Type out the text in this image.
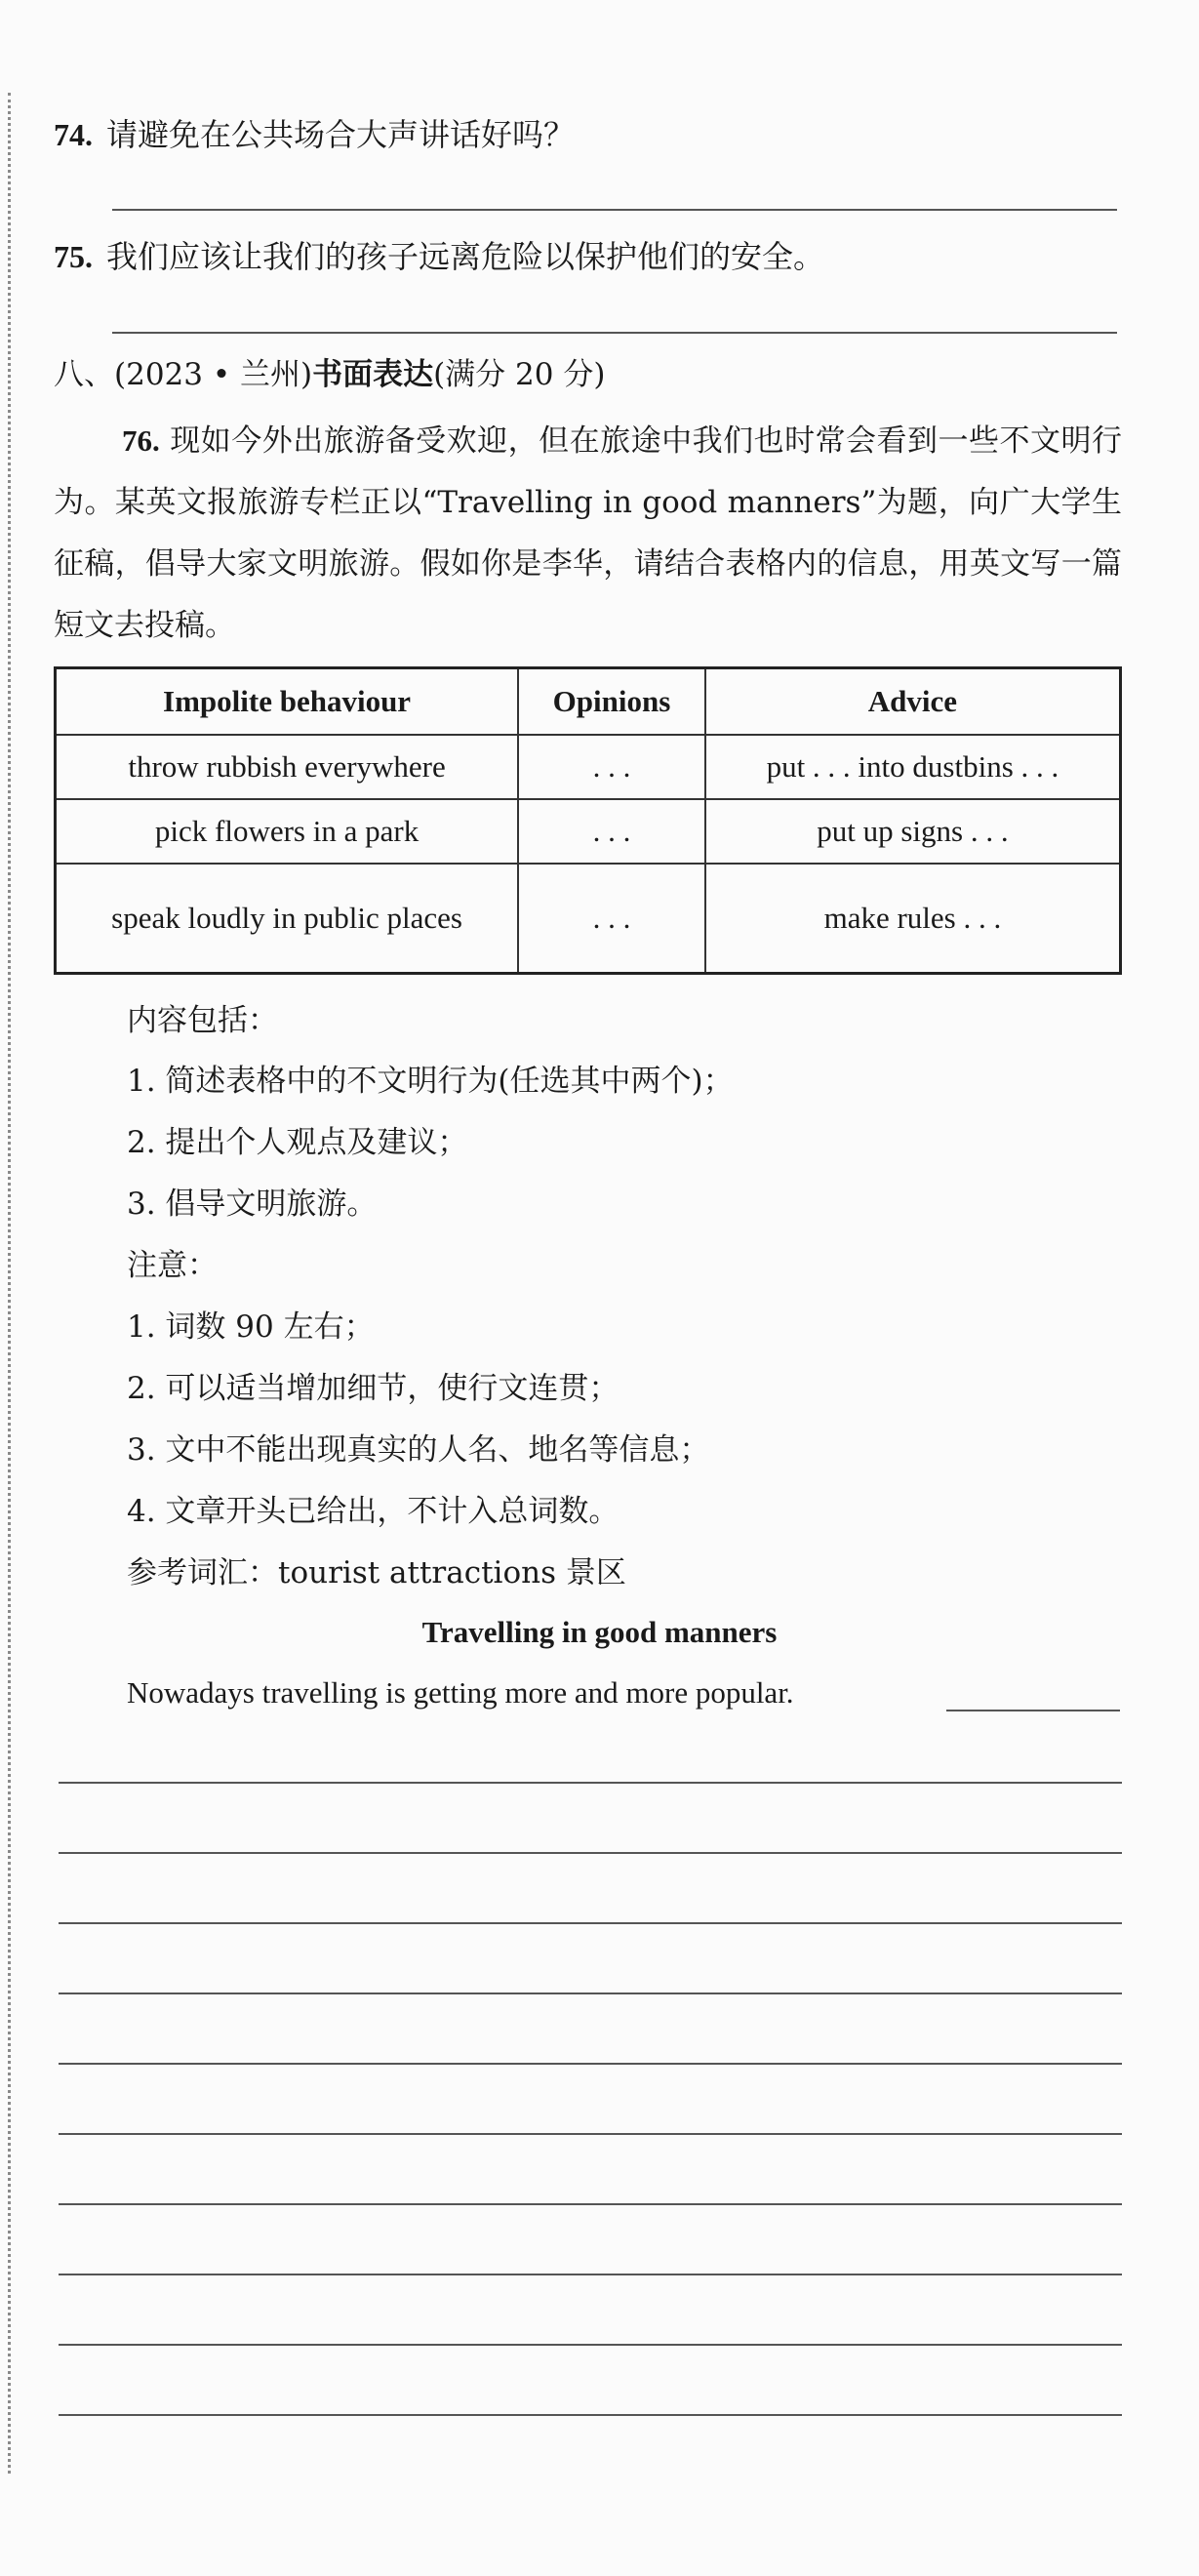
74. 请避免在公共场合大声讲话好吗？
75. 我们应该让我们的孩子远离危险以保护他们的安全。
八、(2023 • 兰州)书面表达(满分 20 分)
76. 现如今外出旅游备受欢迎，但在旅途中我们也时常会看到一些不文明行为。某英文报旅游专栏正以“Travelling in good manners”为题，向广大学生征稿，倡导大家文明旅游。假如你是李华，请结合表格内的信息，用英文写一篇短文去投稿。
Impolite behaviour	Opinions	Advice
throw rubbish everywhere	. . .	put . . . into dustbins . . .
pick flowers in a park	. . .	put up signs . . .
speak loudly in public places	. . .	make rules . . .
内容包括：
1. 简述表格中的不文明行为(任选其中两个)；
2. 提出个人观点及建议；
3. 倡导文明旅游。
注意：
1. 词数 90 左右；
2. 可以适当增加细节，使行文连贯；
3. 文中不能出现真实的人名、地名等信息；
4. 文章开头已给出，不计入总词数。
参考词汇：tourist attractions 景区
Travelling in good manners
Nowadays travelling is getting more and more popular.
